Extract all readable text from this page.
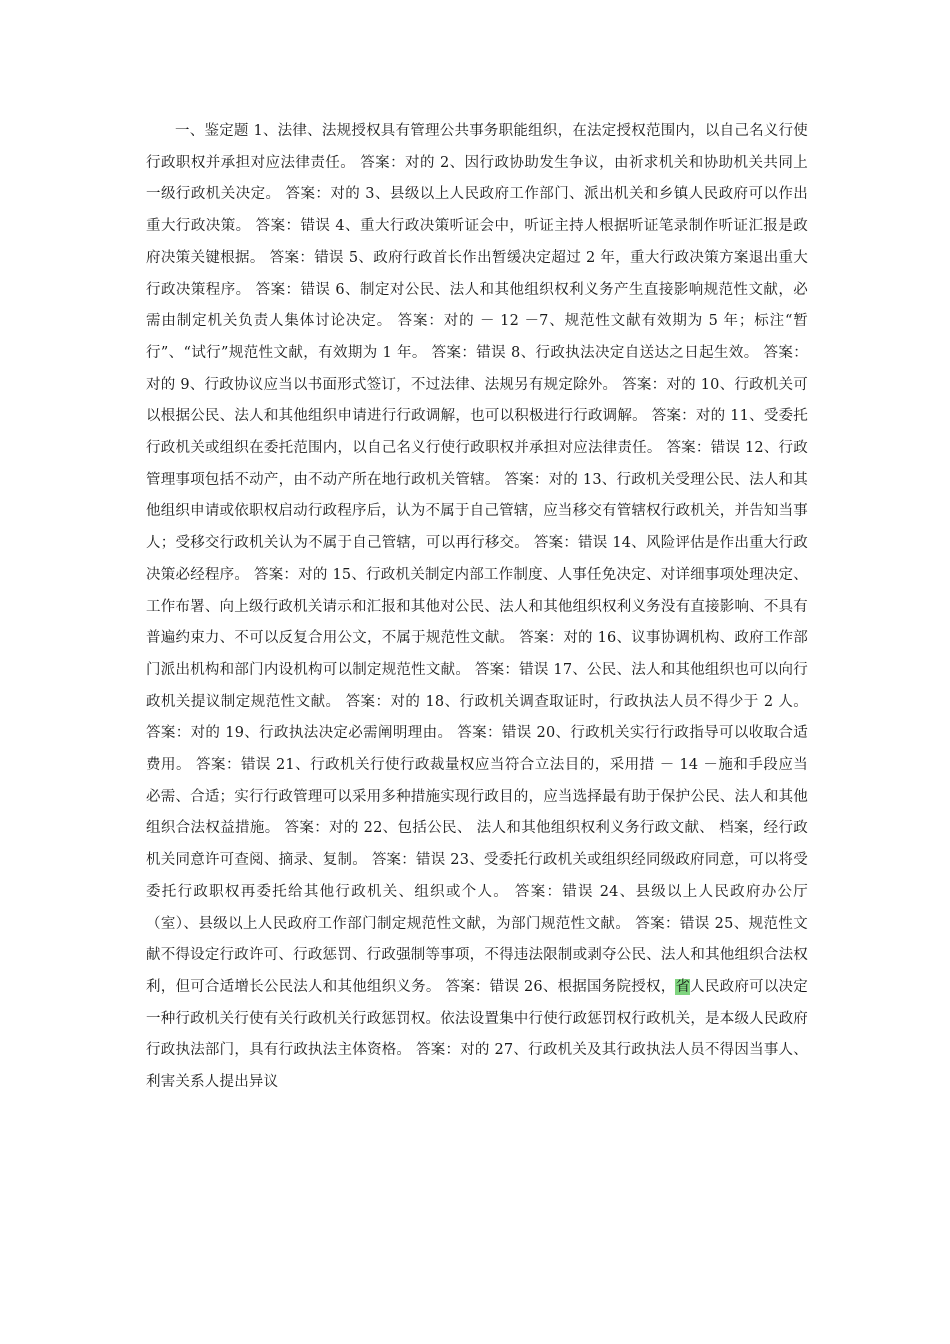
一、鉴定题 1、法律、法规授权具有管理公共事务职能组织，在法定授权范围内，以自己名义行使行政职权并承担对应法律责任。 答案：对的 2、因行政协助发生争议，由祈求机关和协助机关共同上一级行政机关决定。 答案：对的 3、县级以上人民政府工作部门、派出机关和乡镇人民政府可以作出重大行政决策。 答案：错误 4、重大行政决策听证会中，听证主持人根据听证笔录制作听证汇报是政府决策关键根据。 答案：错误 5、政府行政首长作出暂缓决定超过 2 年，重大行政决策方案退出重大行政决策程序。 答案：错误 6、制定对公民、法人和其他组织权利义务产生直接影响规范性文献，必需由制定机关负责人集体讨论决定。 答案：对的 － 12 －7、规范性文献有效期为 5 年；标注“暂行”、“试行”规范性文献，有效期为 1 年。 答案：错误 8、行政执法决定自送达之日起生效。 答案：对的 9、行政协议应当以书面形式签订，不过法律、法规另有规定除外。 答案：对的 10、行政机关可以根据公民、法人和其他组织申请进行行政调解，也可以积极进行行政调解。 答案：对的 11、受委托行政机关或组织在委托范围内，以自己名义行使行政职权并承担对应法律责任。 答案：错误 12、行政管理事项包括不动产，由不动产所在地行政机关管辖。 答案：对的 13、行政机关受理公民、法人和其他组织申请或依职权启动行政程序后，认为不属于自己管辖，应当移交有管辖权行政机关，并告知当事人；受移交行政机关认为不属于自己管辖，可以再行移交。 答案：错误 14、风险评估是作出重大行政决策必经程序。 答案：对的 15、行政机关制定内部工作制度、人事任免决定、对详细事项处理决定、工作布署、向上级行政机关请示和汇报和其他对公民、法人和其他组织权利义务没有直接影响、不具有普遍约束力、不可以反复合用公文，不属于规范性文献。 答案：对的 16、议事协调机构、政府工作部门派出机构和部门内设机构可以制定规范性文献。 答案：错误 17、公民、法人和其他组织也可以向行政机关提议制定规范性文献。 答案：对的 18、行政机关调查取证时，行政执法人员不得少于 2 人。 答案：对的 19、行政执法决定必需阐明理由。 答案：错误 20、行政机关实行行政指导可以收取合适费用。 答案：错误 21、行政机关行使行政裁量权应当符合立法目的，采用措 － 14 －施和手段应当必需、合适；实行行政管理可以采用多种措施实现行政目的，应当选择最有助于保护公民、法人和其他组织合法权益措施。 答案：对的 22、包括公民、 法人和其他组织权利义务行政文献、 档案，经行政机关同意许可查阅、摘录、复制。 答案：错误 23、受委托行政机关或组织经同级政府同意，可以将受委托行政职权再委托给其他行政机关、组织或个人。 答案：错误 24、县级以上人民政府办公厅（室）、县级以上人民政府工作部门制定规范性文献，为部门规范性文献。 答案：错误 25、规范性文献不得设定行政许可、行政惩罚、行政强制等事项，不得违法限制或剥夺公民、法人和其他组织合法权利，但可合适增长公民法人和其他组织义务。 答案：错误 26、根据国务院授权，省人民政府可以决定一种行政机关行使有关行政机关行政惩罚权。依法设置集中行使行政惩罚权行政机关，是本级人民政府行政执法部门，具有行政执法主体资格。 答案：对的 27、行政机关及其行政执法人员不得因当事人、利害关系人提出异议
